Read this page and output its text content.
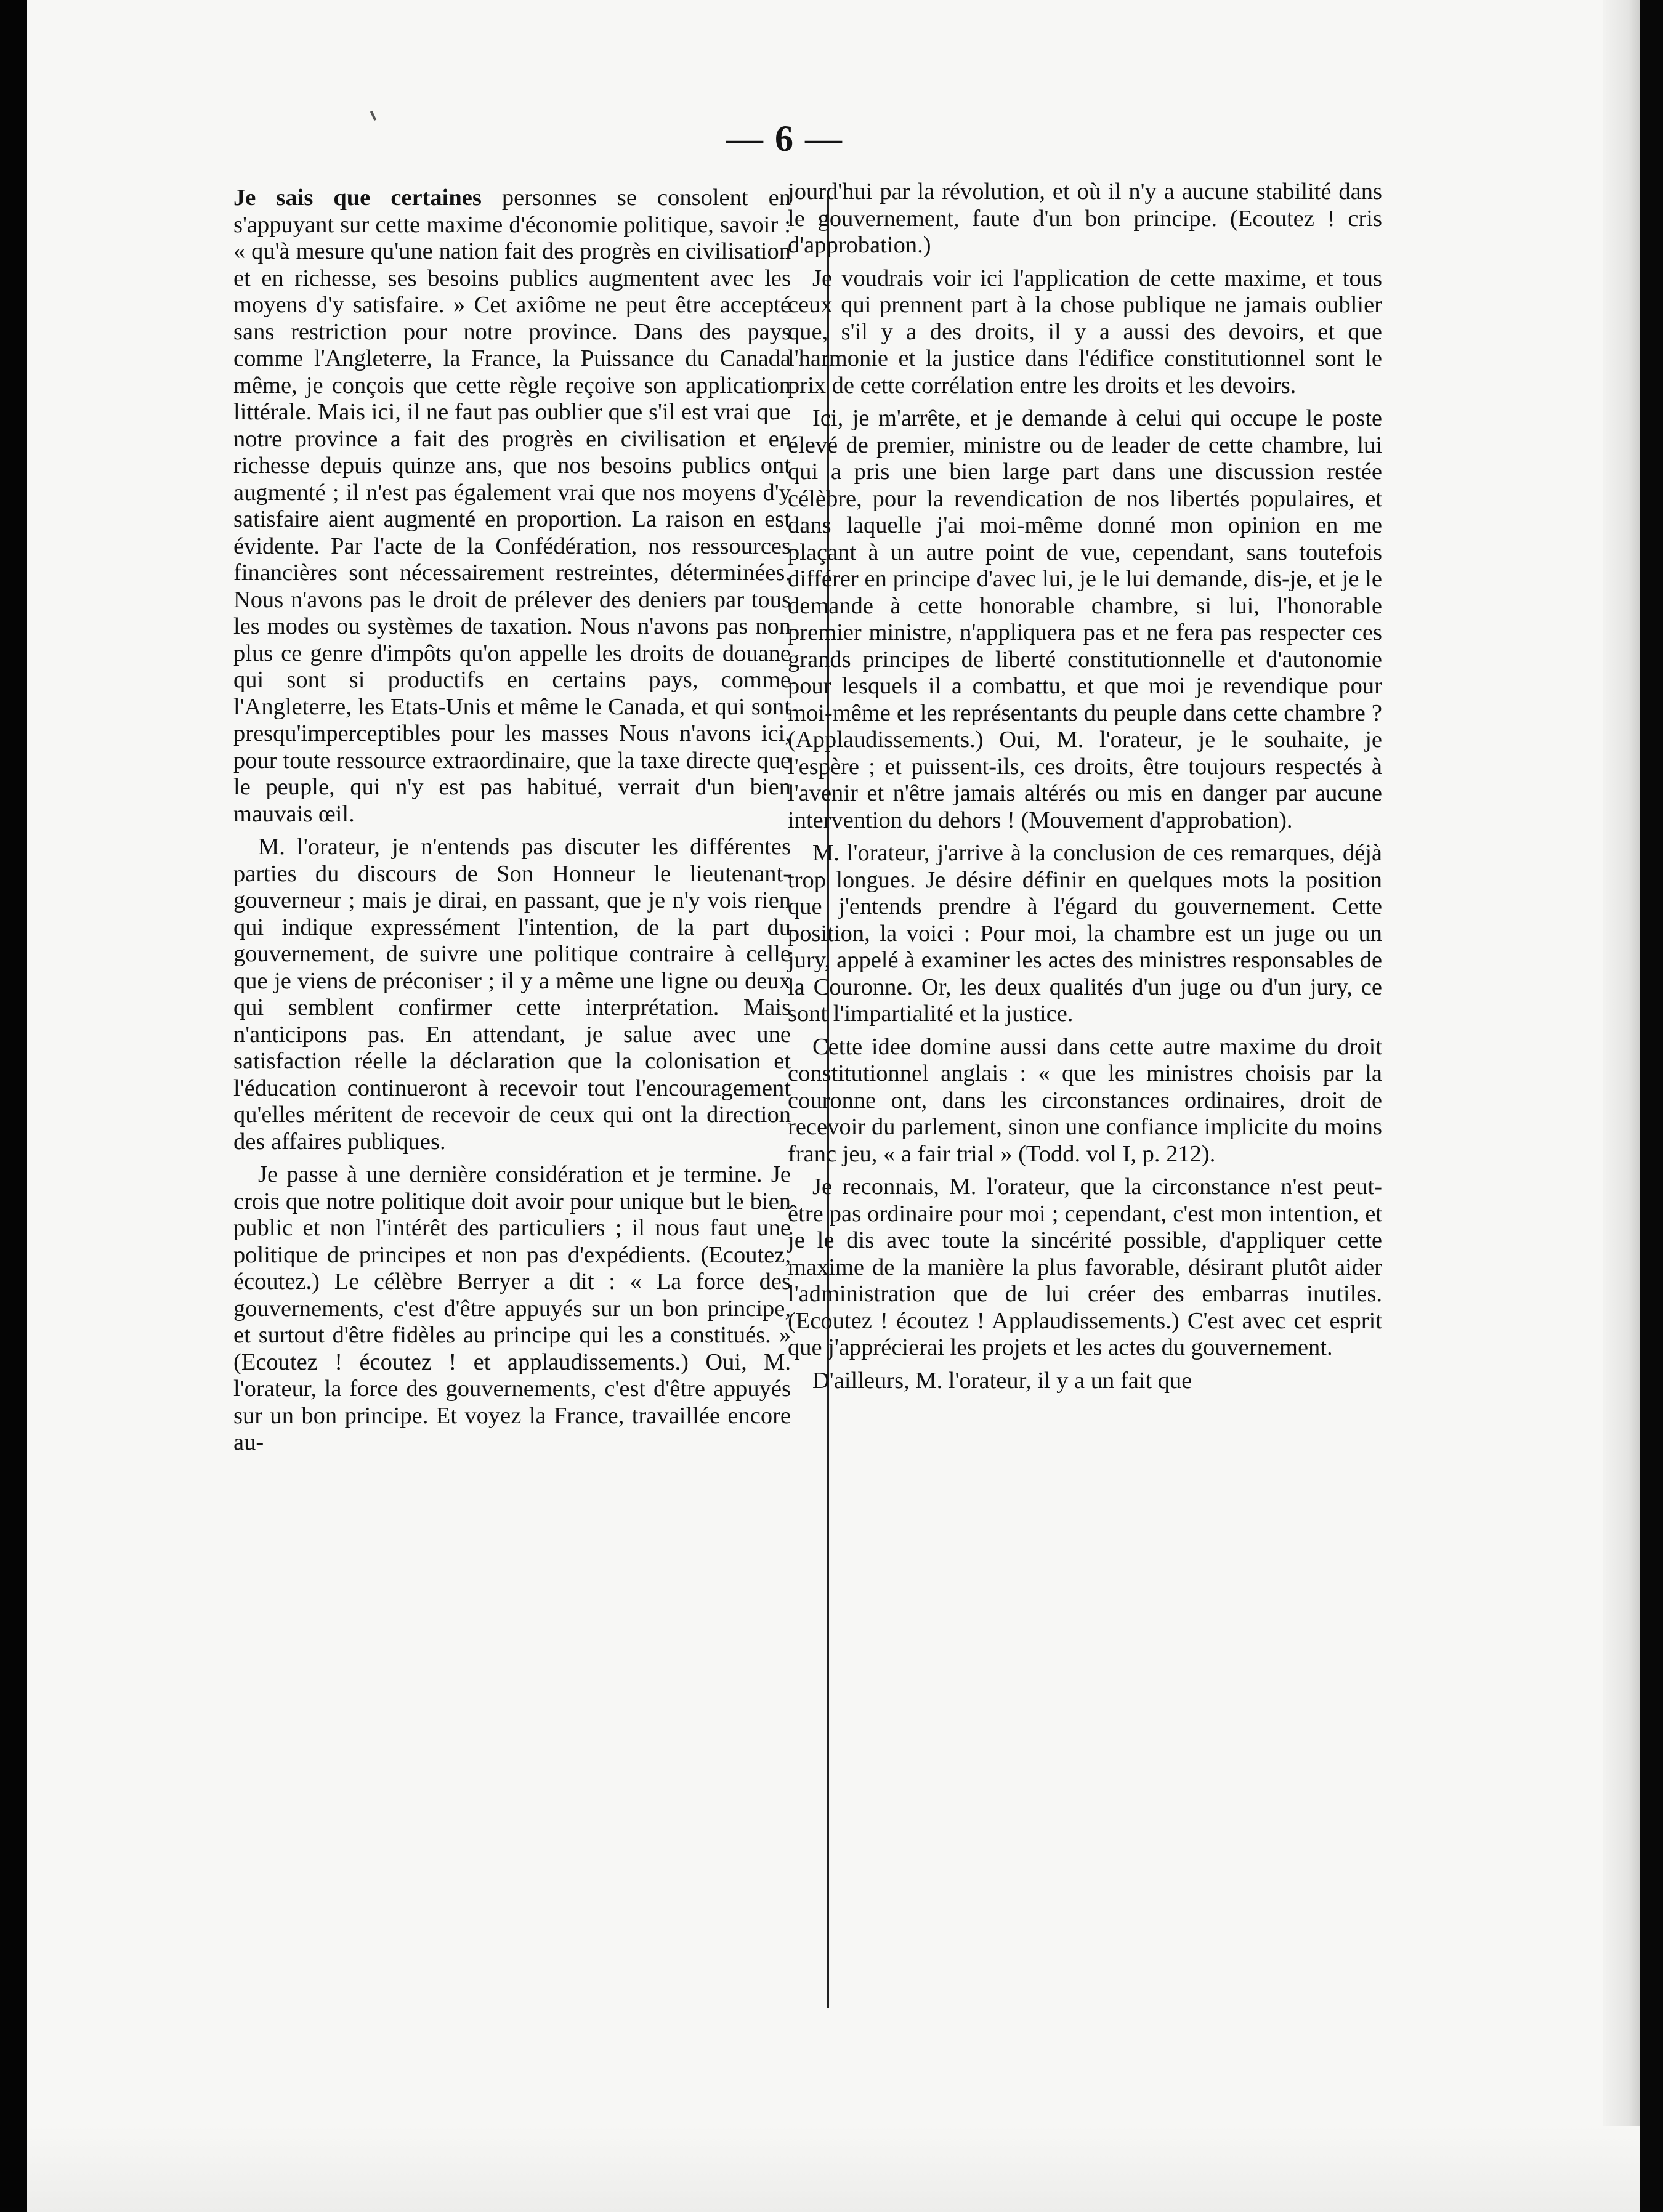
— 6 —

Je sais que certaines personnes se consolent en s'appuyant sur cette maxime d'économie politique, savoir : « qu'à mesure qu'une nation fait des progrès en civilisation et en richesse, ses besoins publics augmentent avec les moyens d'y satisfaire. » Cet axiôme ne peut être accepté sans restriction pour notre province. Dans des pays comme l'Angleterre, la France, la Puissance du Canada même, je conçois que cette règle reçoive son application littérale. Mais ici, il ne faut pas oublier que s'il est vrai que notre province a fait des progrès en civilisation et en richesse depuis quinze ans, que nos besoins publics ont augmenté ; il n'est pas également vrai que nos moyens d'y satisfaire aient augmenté en proportion. La raison en est évidente. Par l'acte de la Confédération, nos ressources financières sont nécessairement restreintes, déterminées. Nous n'avons pas le droit de prélever des deniers par tous les modes ou systèmes de taxation. Nous n'avons pas non plus ce genre d'impôts qu'on appelle les droits de douane qui sont si productifs en certains pays, comme l'Angleterre, les Etats-Unis et même le Canada, et qui sont presqu'imperceptibles pour les masses Nous n'avons ici, pour toute ressource extraordinaire, que la taxe directe que le peuple, qui n'y est pas habitué, verrait d'un bien mauvais œil.

M. l'orateur, je n'entends pas discuter les différentes parties du discours de Son Honneur le lieutenant-gouverneur ; mais je dirai, en passant, que je n'y vois rien qui indique expressément l'intention, de la part du gouvernement, de suivre une politique contraire à celle que je viens de préconiser ; il y a même une ligne ou deux qui semblent confirmer cette interprétation. Mais n'anticipons pas. En attendant, je salue avec une satisfaction réelle la déclaration que la colonisation et l'éducation continueront à recevoir tout l'encouragement qu'elles méritent de recevoir de ceux qui ont la direction des affaires publiques.

Je passe à une dernière considération et je termine. Je crois que notre politique doit avoir pour unique but le bien public et non l'intérêt des particuliers ; il nous faut une politique de principes et non pas d'expédients. (Ecoutez, écoutez.) Le célèbre Berryer a dit : « La force des gouvernements, c'est d'être appuyés sur un bon principe, et surtout d'être fidèles au principe qui les a constitués. » (Ecoutez ! écoutez ! et applaudissements.) Oui, M. l'orateur, la force des gouvernements, c'est d'être appuyés sur un bon principe. Et voyez la France, travaillée encore au-

jourd'hui par la révolution, et où il n'y a aucune stabilité dans le gouvernement, faute d'un bon principe. (Ecoutez ! cris d'approbation.)

Je voudrais voir ici l'application de cette maxime, et tous ceux qui prennent part à la chose publique ne jamais oublier que, s'il y a des droits, il y a aussi des devoirs, et que l'harmonie et la justice dans l'édifice constitutionnel sont le prix de cette corrélation entre les droits et les devoirs.

Ici, je m'arrête, et je demande à celui qui occupe le poste élevé de premier, ministre ou de leader de cette chambre, lui qui a pris une bien large part dans une discussion restée célèbre, pour la revendication de nos libertés populaires, et dans laquelle j'ai moi-même donné mon opinion en me plaçant à un autre point de vue, cependant, sans toutefois différer en principe d'avec lui, je le lui demande, dis-je, et je le demande à cette honorable chambre, si lui, l'honorable premier ministre, n'appliquera pas et ne fera pas respecter ces grands principes de liberté constitutionnelle et d'autonomie pour lesquels il a combattu, et que moi je revendique pour moi-même et les représentants du peuple dans cette chambre ? (Applaudissements.) Oui, M. l'orateur, je le souhaite, je l'espère ; et puissent-ils, ces droits, être toujours respectés à l'avenir et n'être jamais altérés ou mis en danger par aucune intervention du dehors ! (Mouvement d'approbation).

M. l'orateur, j'arrive à la conclusion de ces remarques, déjà trop longues. Je désire définir en quelques mots la position que j'entends prendre à l'égard du gouvernement. Cette position, la voici : Pour moi, la chambre est un juge ou un jury, appelé à examiner les actes des ministres responsables de la Couronne. Or, les deux qualités d'un juge ou d'un jury, ce sont l'impartialité et la justice.

Cette idee domine aussi dans cette autre maxime du droit constitutionnel anglais : « que les ministres choisis par la couronne ont, dans les circonstances ordinaires, droit de recevoir du parlement, sinon une confiance implicite du moins franc jeu, « a fair trial » (Todd. vol I, p. 212).

Je reconnais, M. l'orateur, que la circonstance n'est peut-être pas ordinaire pour moi ; cependant, c'est mon intention, et je le dis avec toute la sincérité possible, d'appliquer cette maxime de la manière la plus favorable, désirant plutôt aider l'administration que de lui créer des embarras inutiles. (Ecoutez ! écoutez ! Applaudissements.) C'est avec cet esprit que j'apprécierai les projets et les actes du gouvernement.

D'ailleurs, M. l'orateur, il y a un fait que
